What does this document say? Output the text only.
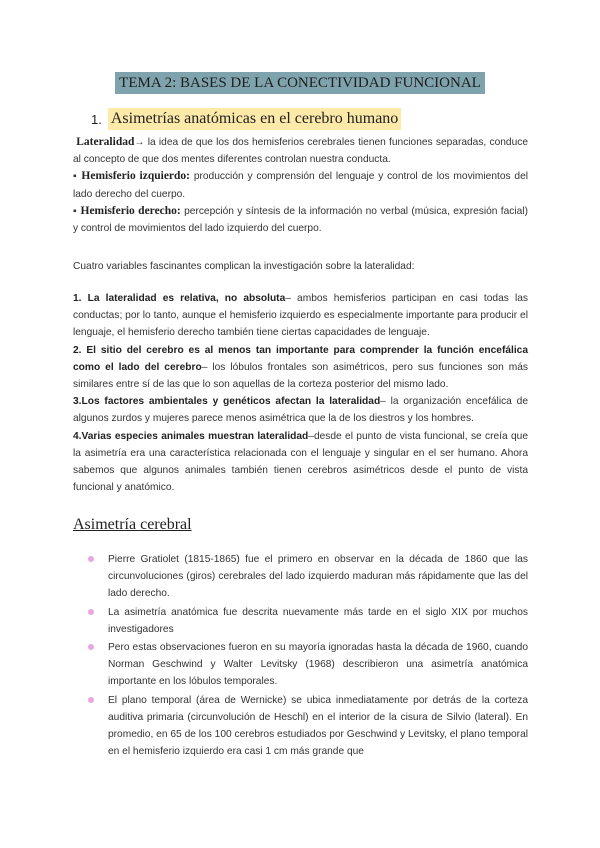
TEMA 2: BASES DE LA CONECTIVIDAD FUNCIONAL
1. Asimetrías anatómicas en el cerebro humano

Lateralidad→ la idea de que los dos hemisferios cerebrales tienen funciones separadas, conduce al concepto de que dos mentes diferentes controlan nuestra conducta.

▪ Hemisferio izquierdo: producción y comprensión del lenguaje y control de los movimientos del lado derecho del cuerpo.

▪ Hemisferio derecho: percepción y síntesis de la información no verbal (música, expresión facial) y control de movimientos del lado izquierdo del cuerpo.

Cuatro variables fascinantes complican la investigación sobre la lateralidad:

1. La lateralidad es relativa, no absoluta– ambos hemisferios participan en casi todas las conductas; por lo tanto, aunque el hemisferio izquierdo es especialmente importante para producir el lenguaje, el hemisferio derecho también tiene ciertas capacidades de lenguaje.

2. El sitio del cerebro es al menos tan importante para comprender la función encefálica como el lado del cerebro– los lóbulos frontales son asimétricos, pero sus funciones son más similares entre sí de las que lo son aquellas de la corteza posterior del mismo lado.

3.Los factores ambientales y genéticos afectan la lateralidad– la organización encefálica de algunos zurdos y mujeres parece menos asimétrica que la de los diestros y los hombres.

4.Varias especies animales muestran lateralidad–desde el punto de vista funcional, se creía que la asimetría era una característica relacionada con el lenguaje y singular en el ser humano. Ahora sabemos que algunos animales también tienen cerebros asimétricos desde el punto de vista funcional y anatómico.

Asimetría cerebral
Pierre Gratiolet (1815-1865) fue el primero en observar en la década de 1860 que las circunvoluciones (giros) cerebrales del lado izquierdo maduran más rápidamente que las del lado derecho.
La asimetría anatómica fue descrita nuevamente más tarde en el siglo XIX por muchos investigadores
Pero estas observaciones fueron en su mayoría ignoradas hasta la década de 1960, cuando Norman Geschwind y Walter Levitsky (1968) describieron una asimetría anatómica importante en los lóbulos temporales.
El plano temporal (área de Wernicke) se ubica inmediatamente por detrás de la corteza auditiva primaria (circunvolución de Heschl) en el interior de la cisura de Silvio (lateral). En promedio, en 65 de los 100 cerebros estudiados por Geschwind y Levitsky, el plano temporal en el hemisferio izquierdo era casi 1 cm más grande que
